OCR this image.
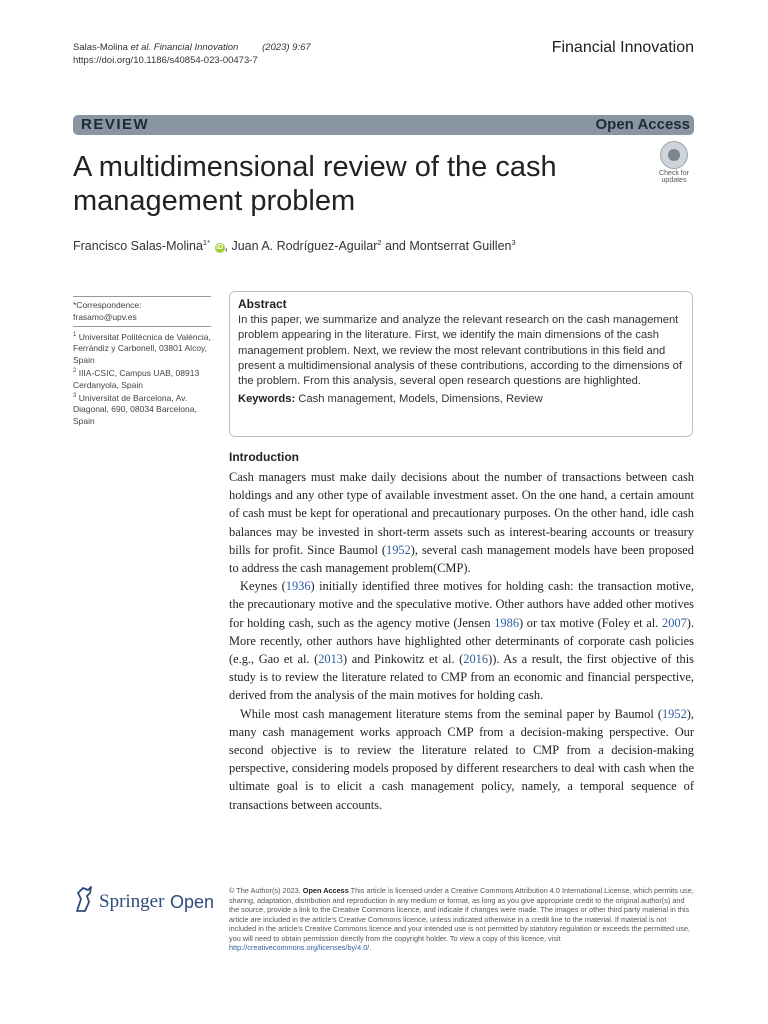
Salas-Molina et al. Financial Innovation	(2023) 9:67
https://doi.org/10.1186/s40854-023-00473-7
Financial Innovation
REVIEW	Open Access
A multidimensional review of the cash management problem
Check for
updates
Francisco Salas-Molina$^{1*}$ iD , Juan A. Rodríguez-Aguilar$^2$ and Montserrat Guillen$^3$
*Correspondence:
frasamo@upv.es
$^1$ Universitat Politècnica de València, Ferrándiz y Carbonell, 03801 Alcoy, Spain
$^2$ IIIA-CSIC, Campus UAB, 08913 Cerdanyola, Spain
$^3$ Universitat de Barcelona, Av. Diagonal, 690, 08034 Barcelona, Spain
Abstract
In this paper, we summarize and analyze the relevant research on the cash management problem appearing in the literature. First, we identify the main dimensions of the cash management problem. Next, we review the most relevant contributions in this field and present a multidimensional analysis of these contributions, according to the dimensions of the problem. From this analysis, several open research questions are highlighted.
Keywords: Cash management, Models, Dimensions, Review
Introduction

Cash managers must make daily decisions about the number of transactions between cash holdings and any other type of available investment asset. On the one hand, a certain amount of cash must be kept for operational and precautionary purposes. On the other hand, idle cash balances may be invested in short-term assets such as interest-bearing accounts or treasury bills for profit. Since Baumol (1952), several cash management models have been proposed to address the cash management problem(CMP).

Keynes (1936) initially identified three motives for holding cash: the transaction motive, the precautionary motive and the speculative motive. Other authors have added other motives for holding cash, such as the agency motive (Jensen 1986) or tax motive (Foley et al. 2007). More recently, other authors have highlighted other determinants of corporate cash policies (e.g., Gao et al. (2013) and Pinkowitz et al. (2016)). As a result, the first objective of this study is to review the literature related to CMP from an economic and financial perspective, derived from the analysis of the main motives for holding cash.

While most cash management literature stems from the seminal paper by Baumol (1952), many cash management works approach CMP from a decision-making perspective. Our second objective is to review the literature related to CMP from a decision-making perspective, considering models proposed by different researchers to deal with cash when the ultimate goal is to elicit a cash management policy, namely, a temporal sequence of transactions between accounts.

Springer Open
© The Author(s) 2023. Open Access This article is licensed under a Creative Commons Attribution 4.0 International License, which permits use, sharing, adaptation, distribution and reproduction in any medium or format, as long as you give appropriate credit to the original author(s) and the source, provide a link to the Creative Commons licence, and indicate if changes were made. The images or other third party material in this article are included in the article's Creative Commons licence, unless indicated otherwise in a credit line to the material. If material is not included in the article's Creative Commons licence and your intended use is not permitted by statutory regulation or exceeds the permitted use, you will need to obtain permission directly from the copyright holder. To view a copy of this licence, visit http://creativecommons.org/licenses/by/4.0/.
